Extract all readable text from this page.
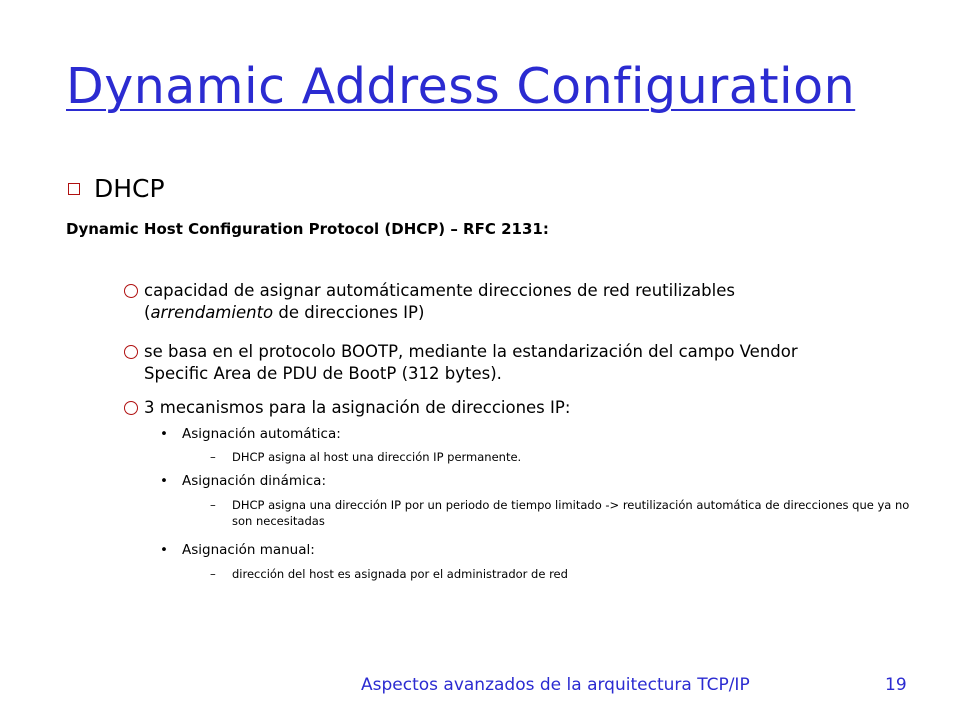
Dynamic Address Configuration
DHCP
Dynamic Host Configuration Protocol (DHCP) – RFC 2131:
capacidad de asignar automáticamente direcciones de red reutilizables (arrendamiento de direcciones IP)
se basa en el protocolo BOOTP, mediante la estandarización del campo Vendor Specific Area de PDU de BootP (312 bytes).
3 mecanismos para la asignación de direcciones IP:
•	Asignación automática:
–	DHCP asigna al host una dirección IP permanente.
•	Asignación dinámica:
–	DHCP asigna una dirección IP por un periodo de tiempo limitado -> reutilización automática de direcciones que ya no son necesitadas
•	Asignación manual:
–	dirección del host es asignada por el administrador de red
Aspectos avanzados de la arquitectura TCP/IP	19
